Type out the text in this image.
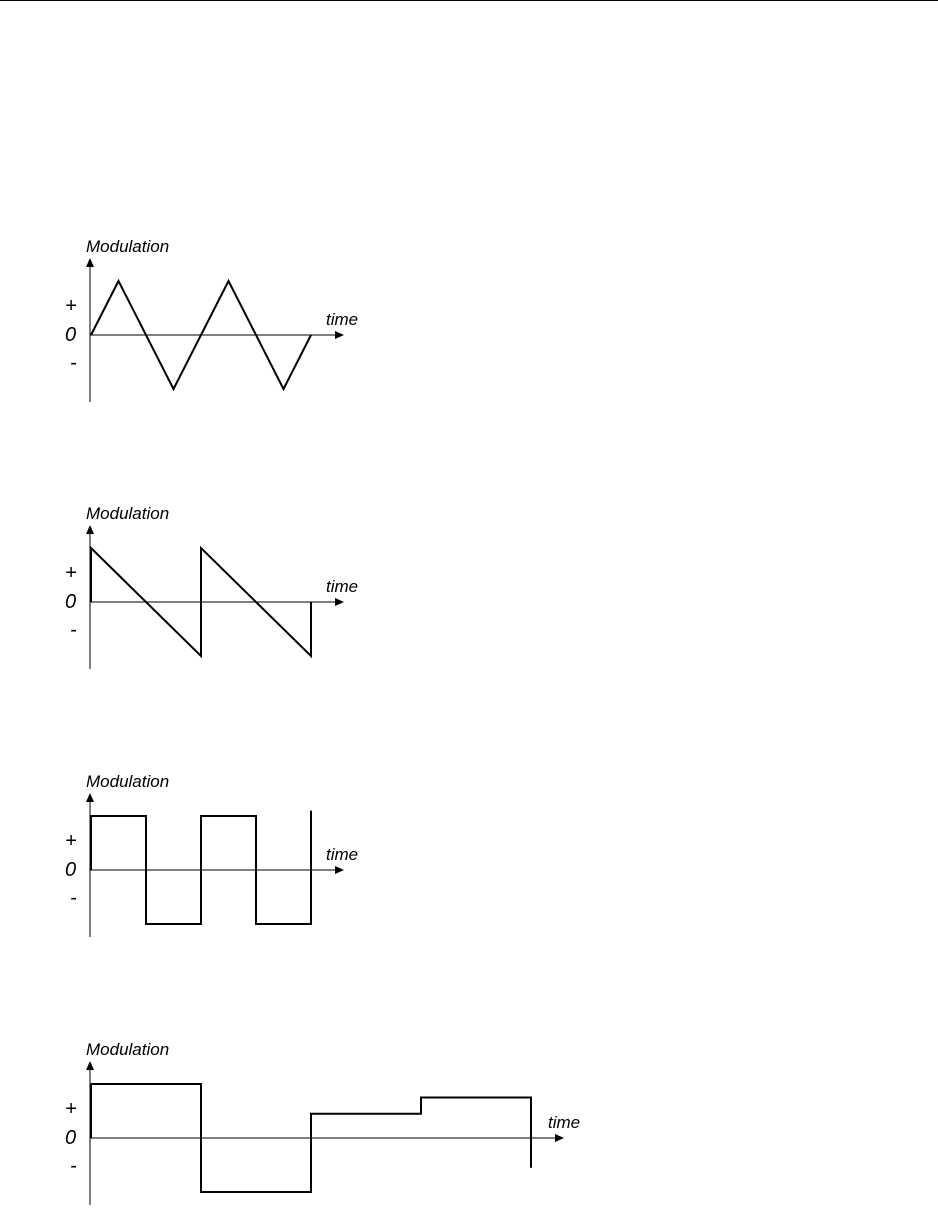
Modulation
time
+
0
-
Modulation
time
+
0
-
Modulation
time
+
0
-
Modulation
time
+
0
-
